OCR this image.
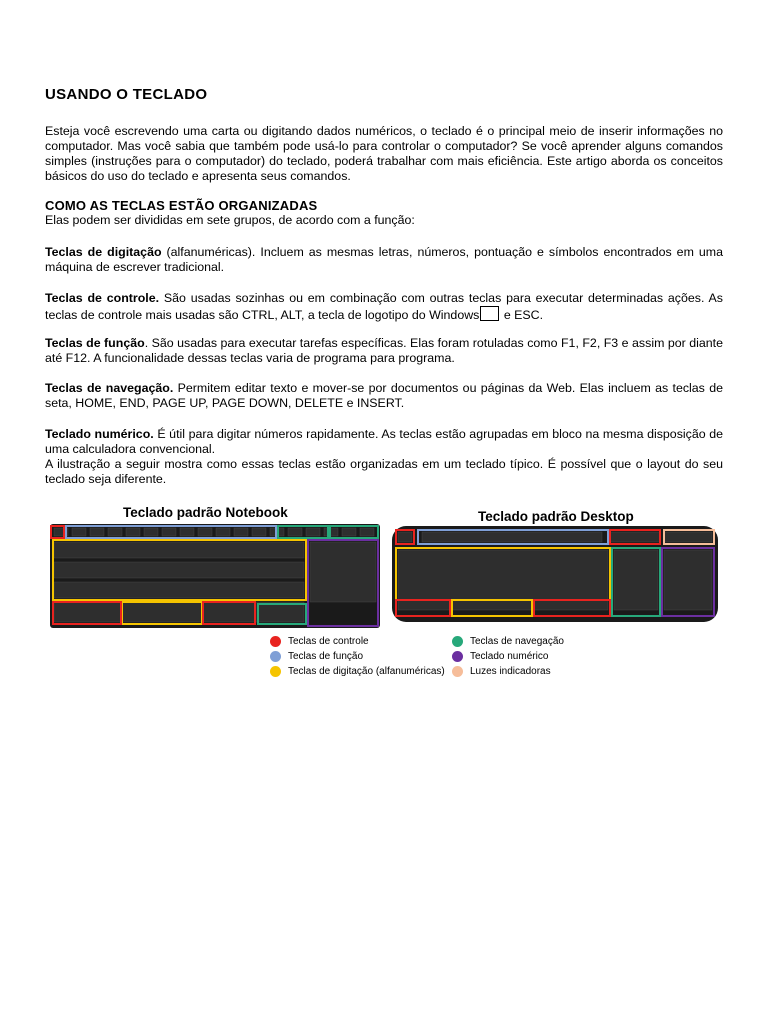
USANDO O TECLADO

Esteja você escrevendo uma carta ou digitando dados numéricos, o teclado é o principal meio de inserir informações no computador. Mas você sabia que também pode usá-lo para controlar o computador? Se você aprender alguns comandos simples (instruções para o computador) do teclado, poderá trabalhar com mais eficiência. Este artigo aborda os conceitos básicos do uso do teclado e apresenta seus comandos.

COMO AS TECLAS ESTÃO ORGANIZADAS

Elas podem ser divididas em sete grupos, de acordo com a função:

Teclas de digitação (alfanuméricas). Incluem as mesmas letras, números, pontuação e símbolos encontrados em uma máquina de escrever tradicional.

Teclas de controle. São usadas sozinhas ou em combinação com outras teclas para executar determinadas ações. As teclas de controle mais usadas são CTRL, ALT, a tecla de logotipo do Windows e ESC.

Teclas de função. São usadas para executar tarefas específicas. Elas foram rotuladas como F1, F2, F3 e assim por diante até F12. A funcionalidade dessas teclas varia de programa para programa.

Teclas de navegação. Permitem editar texto e mover-se por documentos ou páginas da Web. Elas incluem as teclas de seta, HOME, END, PAGE UP, PAGE DOWN, DELETE e INSERT.

Teclado numérico. É útil para digitar números rapidamente. As teclas estão agrupadas em bloco na mesma disposição de uma calculadora convencional.

A ilustração a seguir mostra como essas teclas estão organizadas em um teclado típico. É possível que o layout do seu teclado seja diferente.

Teclado padrão Notebook	Teclado padrão Desktop
Teclas de controle
Teclas de função
Teclas de digitação (alfanuméricas)
Teclas de navegação
Teclado numérico
Luzes indicadoras
